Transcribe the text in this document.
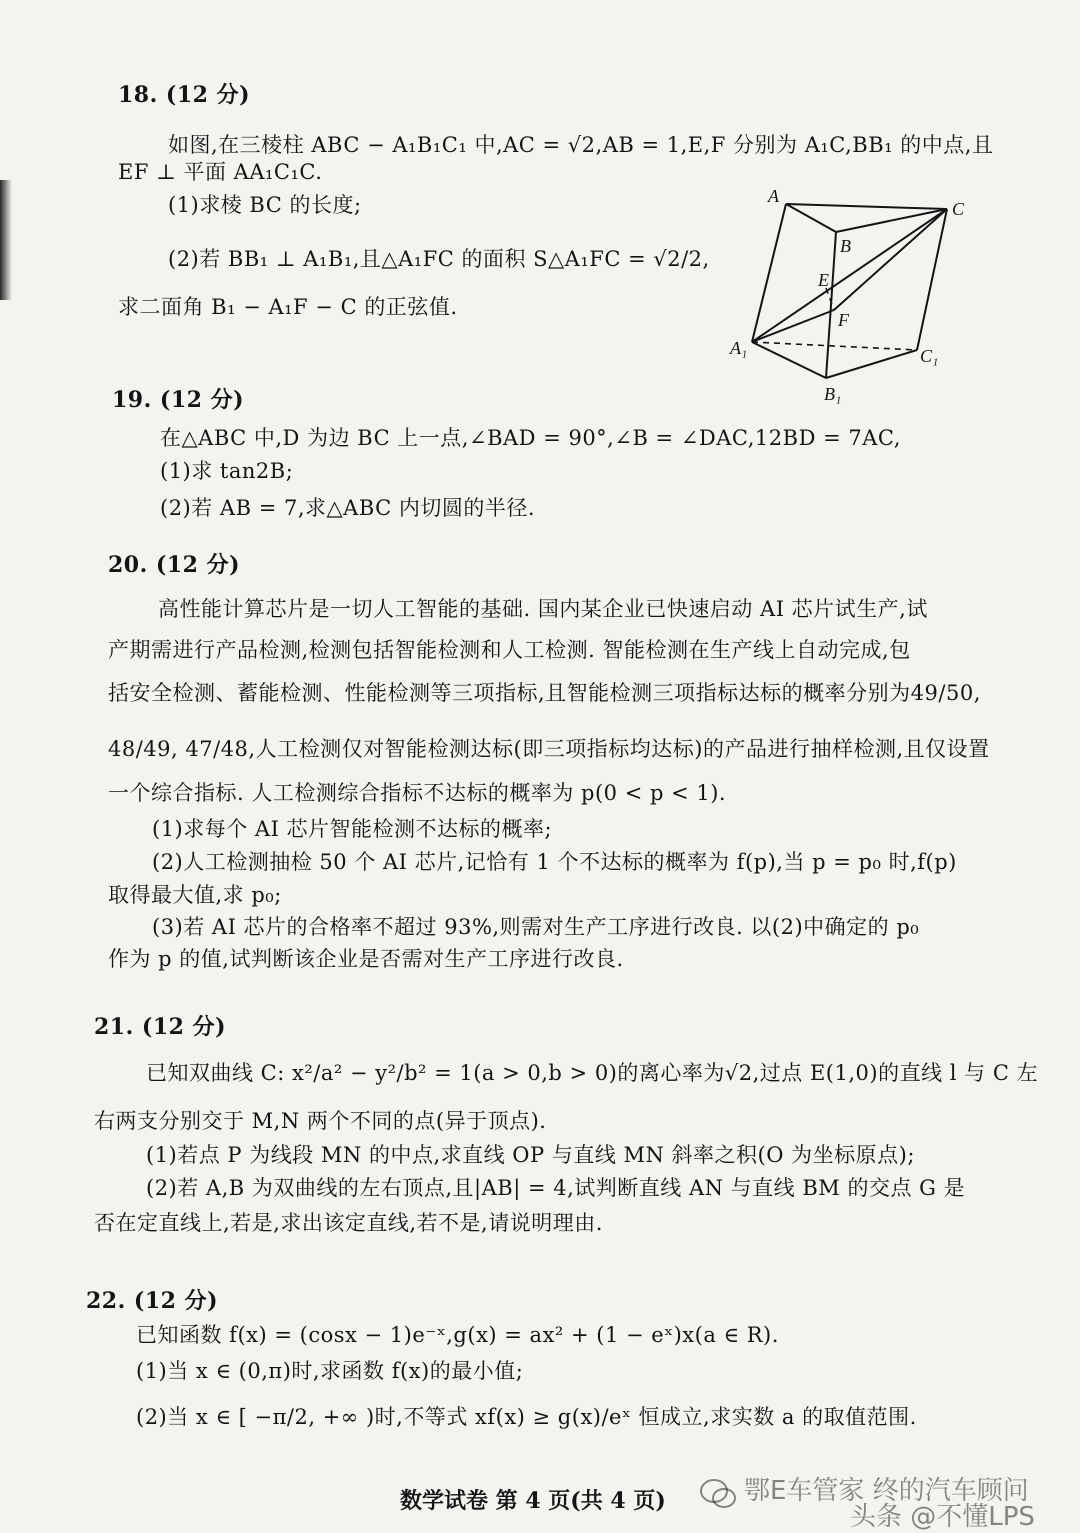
18. (12 分)
如图,在三棱柱 ABC − A₁B₁C₁ 中,AC = √2,AB = 1,E,F 分别为 A₁C,BB₁ 的中点,且
EF ⊥ 平面 AA₁C₁C.
(1)求棱 BC 的长度;
(2)若 BB₁ ⊥ A₁B₁,且△A₁FC 的面积 S△A₁FC = √2/2,
求二面角 B₁ − A₁F − C 的正弦值.
A
C
B
E
F
A₁	C₁
B₁
19. (12 分)
在△ABC 中,D 为边 BC 上一点,∠BAD = 90°,∠B = ∠DAC,12BD = 7AC,
(1)求 tan2B;
(2)若 AB = 7,求△ABC 内切圆的半径.
20. (12 分)
高性能计算芯片是一切人工智能的基础. 国内某企业已快速启动 AI 芯片试生产,试
产期需进行产品检测,检测包括智能检测和人工检测. 智能检测在生产线上自动完成,包
括安全检测、蓄能检测、性能检测等三项指标,且智能检测三项指标达标的概率分别为49/50,
48/49, 47/48,人工检测仅对智能检测达标(即三项指标均达标)的产品进行抽样检测,且仅设置
一个综合指标. 人工检测综合指标不达标的概率为 p(0 < p < 1).
(1)求每个 AI 芯片智能检测不达标的概率;
(2)人工检测抽检 50 个 AI 芯片,记恰有 1 个不达标的概率为 f(p),当 p = p₀ 时,f(p)
取得最大值,求 p₀;
(3)若 AI 芯片的合格率不超过 93%,则需对生产工序进行改良. 以(2)中确定的 p₀
作为 p 的值,试判断该企业是否需对生产工序进行改良.
21. (12 分)
已知双曲线 C: x²/a² − y²/b² = 1(a > 0,b > 0)的离心率为√2,过点 E(1,0)的直线 l 与 C 左
右两支分别交于 M,N 两个不同的点(异于顶点).
(1)若点 P 为线段 MN 的中点,求直线 OP 与直线 MN 斜率之积(O 为坐标原点);
(2)若 A,B 为双曲线的左右顶点,且|AB| = 4,试判断直线 AN 与直线 BM 的交点 G 是
否在定直线上,若是,求出该定直线,若不是,请说明理由.
22. (12 分)
已知函数 f(x) = (cosx − 1)e⁻ˣ,g(x) = ax² + (1 − eˣ)x(a ∈ R).
(1)当 x ∈ (0,π)时,求函数 f(x)的最小值;
(2)当 x ∈ [ −π/2, +∞ )时,不等式 xf(x) ≥ g(x)/eˣ 恒成立,求实数 a 的取值范围.
数学试卷 第 4 页(共 4 页)	鄂E车管家 终的汽车顾问
头条 @不懂LPS
